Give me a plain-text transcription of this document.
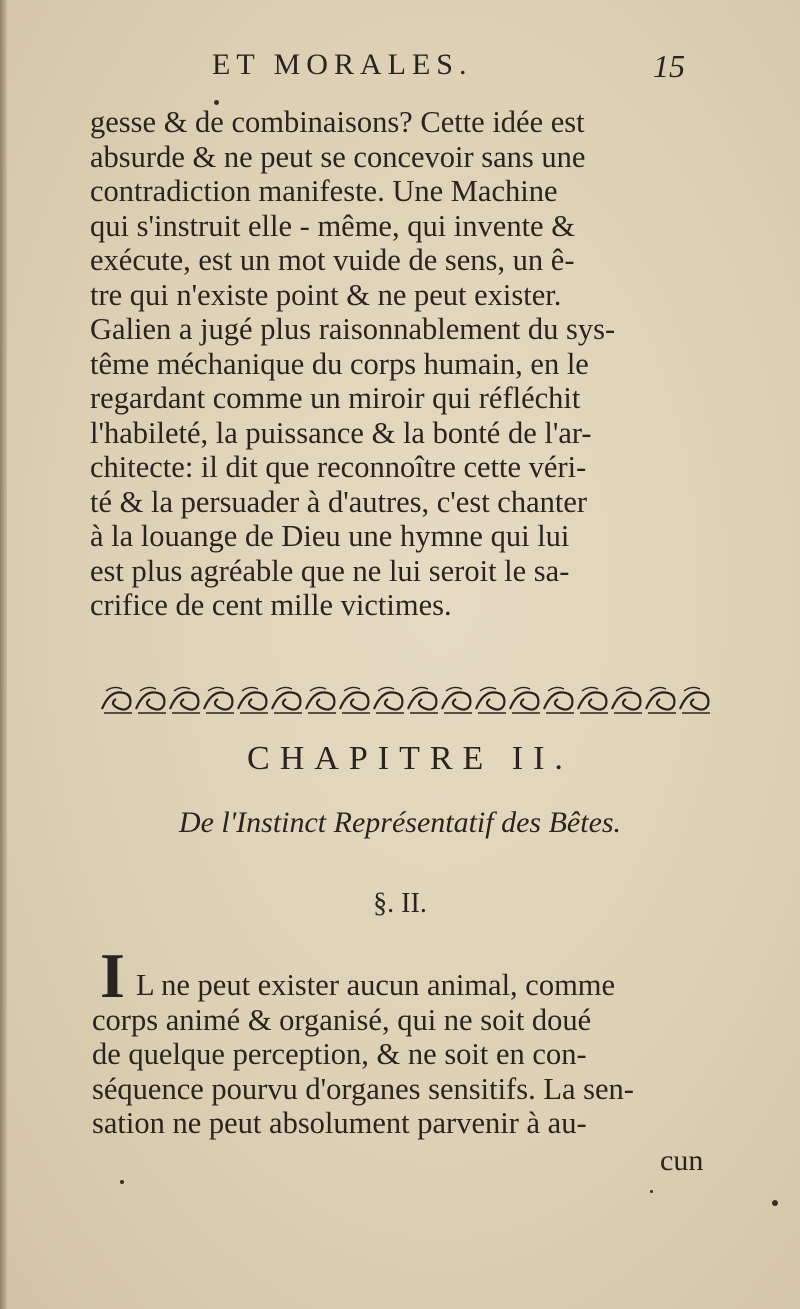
ET MORALES.	15
gesse & de combinaisons? Cette idée est
absurde & ne peut se concevoir sans une
contradiction manifeste. Une Machine
qui s'instruit elle - même, qui invente &
exécute, est un mot vuide de sens, un ê-
tre qui n'existe point & ne peut exister.
Galien a jugé plus raisonnablement du sys-
tême méchanique du corps humain, en le
regardant comme un miroir qui réfléchit
l'habileté, la puissance & la bonté de l'ar-
chitecte: il dit que reconnoître cette véri-
té & la persuader à d'autres, c'est chanter
à la louange de Dieu une hymne qui lui
est plus agréable que ne lui seroit le sa-
crifice de cent mille victimes.
CHAPITRE II.
De l'Instinct Représentatif des Bêtes.
§. II.
I L ne peut exister aucun animal, comme
corps animé & organisé, qui ne soit doué
de quelque perception, & ne soit en con-
séquence pourvu d'organes sensitifs. La sen-
sation ne peut absolument parvenir à au-
cun
